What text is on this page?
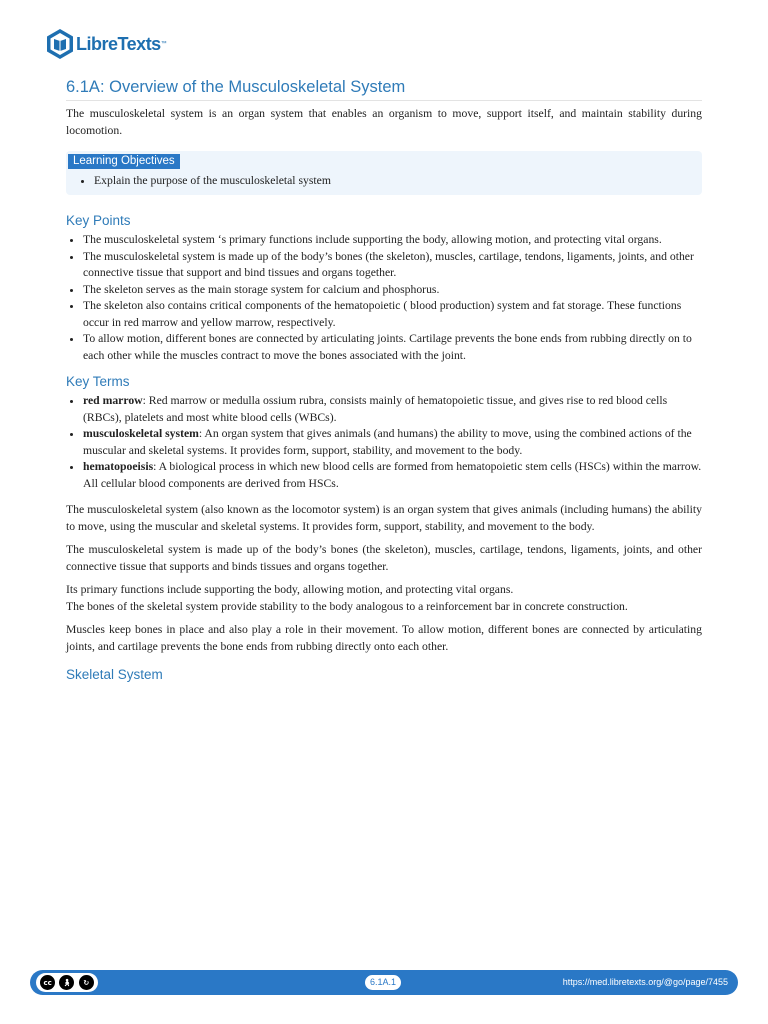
LibreTexts ™
6.1A: Overview of the Musculoskeletal System

The musculoskeletal system is an organ system that enables an organism to move, support itself, and maintain stability during locomotion.

Learning Objectives
• Explain the purpose of the musculoskeletal system
Key Points
• The musculoskeletal system ‘s primary functions include supporting the body, allowing motion, and protecting vital organs.
• The musculoskeletal system is made up of the body’s bones (the skeleton), muscles, cartilage, tendons, ligaments, joints, and other connective tissue that support and bind tissues and organs together.
• The skeleton serves as the main storage system for calcium and phosphorus.
• The skeleton also contains critical components of the hematopoietic ( blood production) system and fat storage. These functions occur in red marrow and yellow marrow, respectively.
• To allow motion, different bones are connected by articulating joints. Cartilage prevents the bone ends from rubbing directly on to each other while the muscles contract to move the bones associated with the joint.
Key Terms
• red marrow: Red marrow or medulla ossium rubra, consists mainly of hematopoietic tissue, and gives rise to red blood cells (RBCs), platelets and most white blood cells (WBCs).
• musculoskeletal system: An organ system that gives animals (and humans) the ability to move, using the combined actions of the muscular and skeletal systems. It provides form, support, stability, and movement to the body.
• hematopoeisis: A biological process in which new blood cells are formed from hematopoietic stem cells (HSCs) within the marrow. All cellular blood components are derived from HSCs.

The musculoskeletal system (also known as the locomotor system) is an organ system that gives animals (including humans) the ability to move, using the muscular and skeletal systems. It provides form, support, stability, and movement to the body.

The musculoskeletal system is made up of the body’s bones (the skeleton), muscles, cartilage, tendons, ligaments, joints, and other connective tissue that supports and binds tissues and organs together.

Its primary functions include supporting the body, allowing motion, and protecting vital organs.
The bones of the skeletal system provide stability to the body analogous to a reinforcement bar in concrete construction.

Muscles keep bones in place and also play a role in their movement. To allow motion, different bones are connected by articulating joints, and cartilage prevents the bone ends from rubbing directly onto each other.

Skeletal System
cc	🚶︎	↻	6.1A.1	https://med.libretexts.org/@go/page/7455
